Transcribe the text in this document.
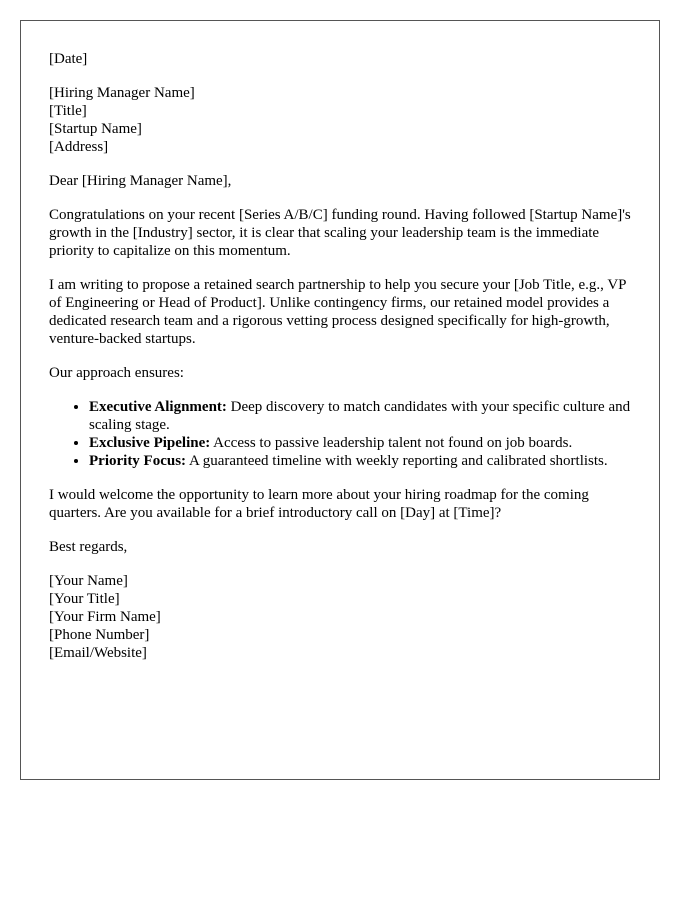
[Date]
[Hiring Manager Name]
[Title]
[Startup Name]
[Address]

Dear [Hiring Manager Name],

Congratulations on your recent [Series A/B/C] funding round. Having followed [Startup Name]'s growth in the [Industry] sector, it is clear that scaling your leadership team is the immediate priority to capitalize on this momentum.

I am writing to propose a retained search partnership to help you secure your [Job Title, e.g., VP of Engineering or Head of Product]. Unlike contingency firms, our retained model provides a dedicated research team and a rigorous vetting process designed specifically for high-growth, venture-backed startups.

Our approach ensures:

• Executive Alignment: Deep discovery to match candidates with your specific culture and scaling stage.
• Exclusive Pipeline: Access to passive leadership talent not found on job boards.
• Priority Focus: A guaranteed timeline with weekly reporting and calibrated shortlists.

I would welcome the opportunity to learn more about your hiring roadmap for the coming quarters. Are you available for a brief introductory call on [Day] at [Time]?

Best regards,

[Your Name]
[Your Title]
[Your Firm Name]
[Phone Number]
[Email/Website]
